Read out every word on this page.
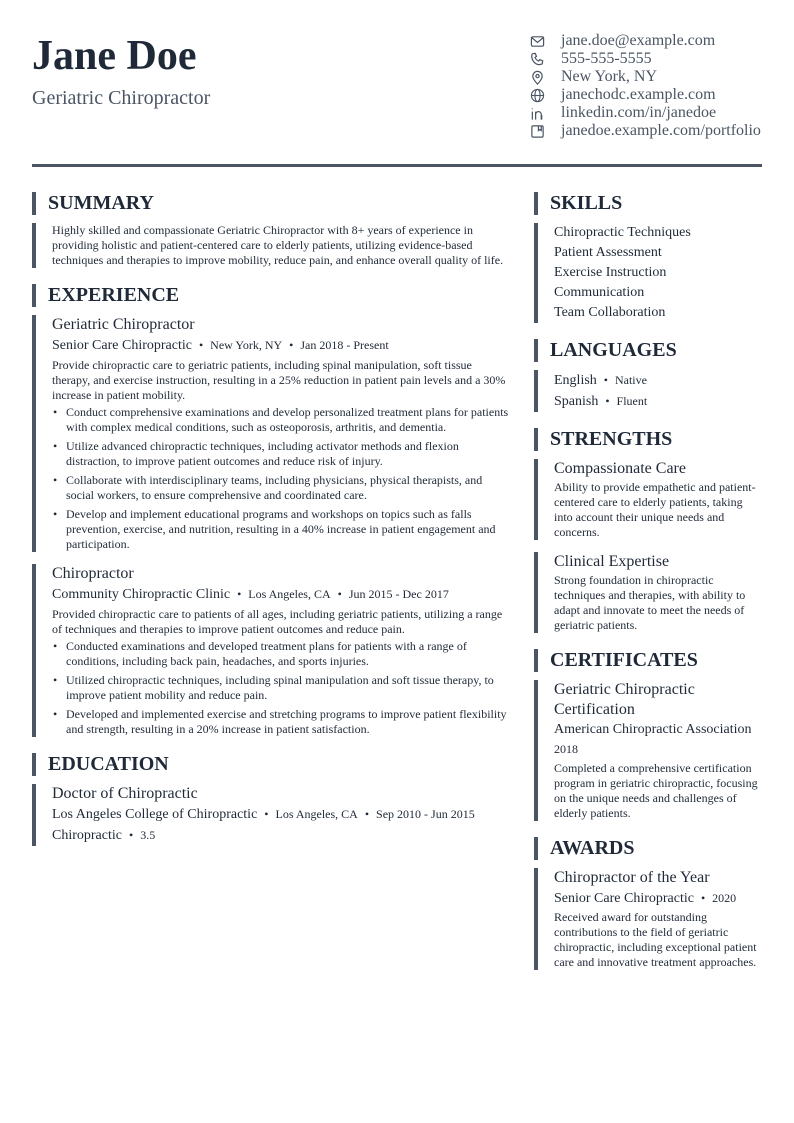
Jane Doe
Geriatric Chiropractor
jane.doe@example.com
555-555-5555
New York, NY
janechodc.example.com
linkedin.com/in/janedoe
janedoe.example.com/portfolio
SUMMARY
Highly skilled and compassionate Geriatric Chiropractor with 8+ years of experience in providing holistic and patient-centered care to elderly patients, utilizing evidence-based techniques and therapies to improve mobility, reduce pain, and enhance overall quality of life.
EXPERIENCE
Geriatric Chiropractor
Senior Care Chiropractic • New York, NY • Jan 2018 - Present
Provide chiropractic care to geriatric patients, including spinal manipulation, soft tissue therapy, and exercise instruction, resulting in a 25% reduction in patient pain levels and a 30% increase in patient mobility.
• Conduct comprehensive examinations and develop personalized treatment plans for patients with complex medical conditions, such as osteoporosis, arthritis, and dementia.
• Utilize advanced chiropractic techniques, including activator methods and flexion distraction, to improve patient outcomes and reduce risk of injury.
• Collaborate with interdisciplinary teams, including physicians, physical therapists, and social workers, to ensure comprehensive and coordinated care.
• Develop and implement educational programs and workshops on topics such as falls prevention, exercise, and nutrition, resulting in a 40% increase in patient engagement and participation.
Chiropractor
Community Chiropractic Clinic • Los Angeles, CA • Jun 2015 - Dec 2017
Provided chiropractic care to patients of all ages, including geriatric patients, utilizing a range of techniques and therapies to improve patient outcomes and reduce pain.
• Conducted examinations and developed treatment plans for patients with a range of conditions, including back pain, headaches, and sports injuries.
• Utilized chiropractic techniques, including spinal manipulation and soft tissue therapy, to improve patient mobility and reduce pain.
• Developed and implemented exercise and stretching programs to improve patient flexibility and strength, resulting in a 20% increase in patient satisfaction.
EDUCATION
Doctor of Chiropractic
Los Angeles College of Chiropractic • Los Angeles, CA • Sep 2010 - Jun 2015
Chiropractic • 3.5
SKILLS
Chiropractic Techniques
Patient Assessment
Exercise Instruction
Communication
Team Collaboration
LANGUAGES
English • Native
Spanish • Fluent
STRENGTHS
Compassionate Care
Ability to provide empathetic and patient-centered care to elderly patients, taking into account their unique needs and concerns.
Clinical Expertise
Strong foundation in chiropractic techniques and therapies, with ability to adapt and innovate to meet the needs of geriatric patients.
CERTIFICATES
Geriatric Chiropractic Certification
American Chiropractic Association
2018
Completed a comprehensive certification program in geriatric chiropractic, focusing on the unique needs and challenges of elderly patients.
AWARDS
Chiropractor of the Year
Senior Care Chiropractic • 2020
Received award for outstanding contributions to the field of geriatric chiropractic, including exceptional patient care and innovative treatment approaches.
